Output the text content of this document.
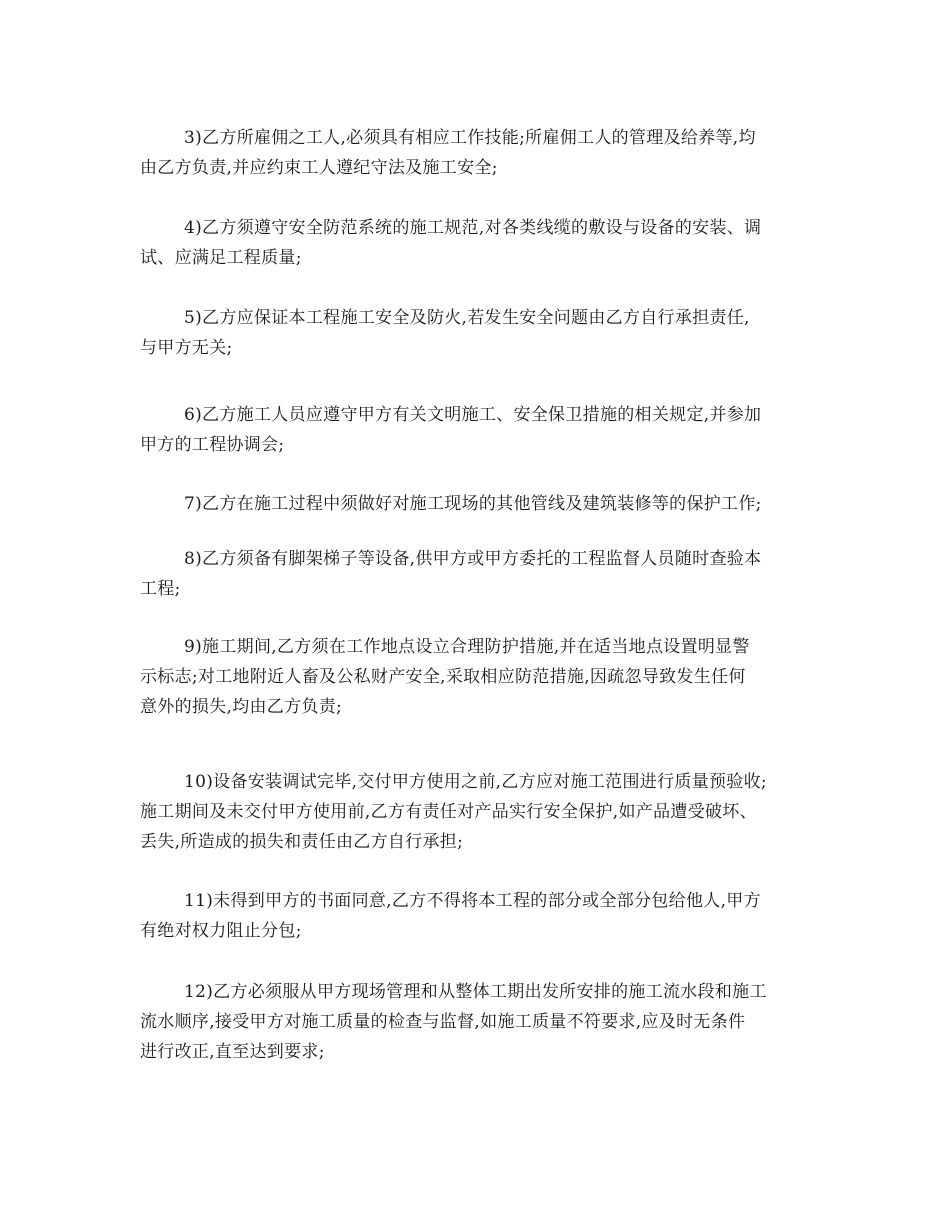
3)乙方所雇佣之工人,必须具有相应工作技能;所雇佣工人的管理及给养等,均
由乙方负责,并应约束工人遵纪守法及施工安全;

4)乙方须遵守安全防范系统的施工规范,对各类线缆的敷设与设备的安装、调
试、应满足工程质量;

5)乙方应保证本工程施工安全及防火,若发生安全问题由乙方自行承担责任,
与甲方无关;

6)乙方施工人员应遵守甲方有关文明施工、安全保卫措施的相关规定,并参加
甲方的工程协调会;

7)乙方在施工过程中须做好对施工现场的其他管线及建筑装修等的保护工作;

8)乙方须备有脚架梯子等设备,供甲方或甲方委托的工程监督人员随时查验本
工程;

9)施工期间,乙方须在工作地点设立合理防护措施,并在适当地点设置明显警
示标志;对工地附近人畜及公私财产安全,采取相应防范措施,因疏忽导致发生任何
意外的损失,均由乙方负责;

10)设备安装调试完毕,交付甲方使用之前,乙方应对施工范围进行质量预验收;
施工期间及未交付甲方使用前,乙方有责任对产品实行安全保护,如产品遭受破坏、
丢失,所造成的损失和责任由乙方自行承担;

11)未得到甲方的书面同意,乙方不得将本工程的部分或全部分包给他人,甲方
有绝对权力阻止分包;

12)乙方必须服从甲方现场管理和从整体工期出发所安排的施工流水段和施工
流水顺序,接受甲方对施工质量的检查与监督,如施工质量不符要求,应及时无条件
进行改正,直至达到要求;
